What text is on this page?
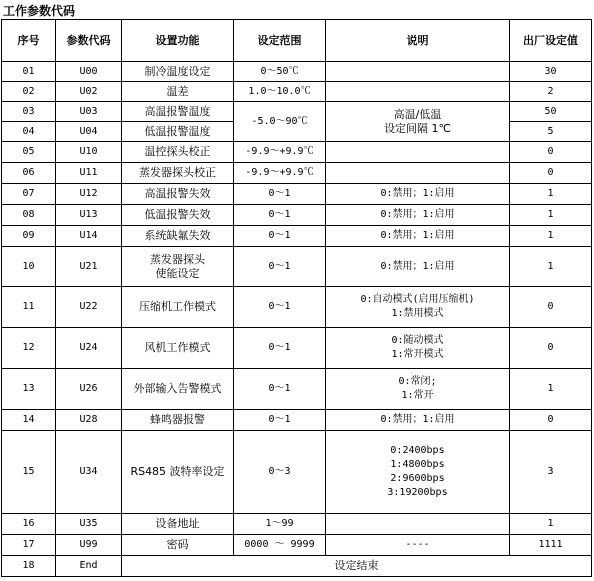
工作参数代码
序号	参数代码	设置功能	设定范围	说明	出厂设定值
01	U00	制冷温度设定	0～50℃		30
02	U02	温差	1.0～10.0℃		2
03	U03	高温报警温度	-5.0～90℃	高温/低温
设定间隔 1℃	50
04	U04	低温报警温度			5
05	U10	温控探头校正	-9.9～+9.9℃		0
06	U11	蒸发器探头校正	-9.9～+9.9℃		0
07	U12	高温报警失效	0～1	0:禁用；1:启用	1
08	U13	低温报警失效	0～1	0:禁用；1:启用	1
09	U14	系统缺氟失效	0～1	0:禁用；1:启用	1
10	U21	蒸发器探头
使能设定	0～1	0:禁用；1:启用	1
11	U22	压缩机工作模式	0～1	0:自动模式(启用压缩机)
1:禁用模式	0
12	U24	风机工作模式	0～1	0:随动模式
1:常开模式	0
13	U26	外部输入告警模式	0～1	0:常闭;
1:常开	1
14	U28	蜂鸣器报警	0～1	0:禁用；1:启用	0
15	U34	RS485 波特率设定	0～3	0:2400bps
1:4800bps
2:9600bps
3:19200bps	3
16	U35	设备地址	1～99		1
17	U99	密码	0000 ～ 9999	----	1111
18	End	设定结束			
